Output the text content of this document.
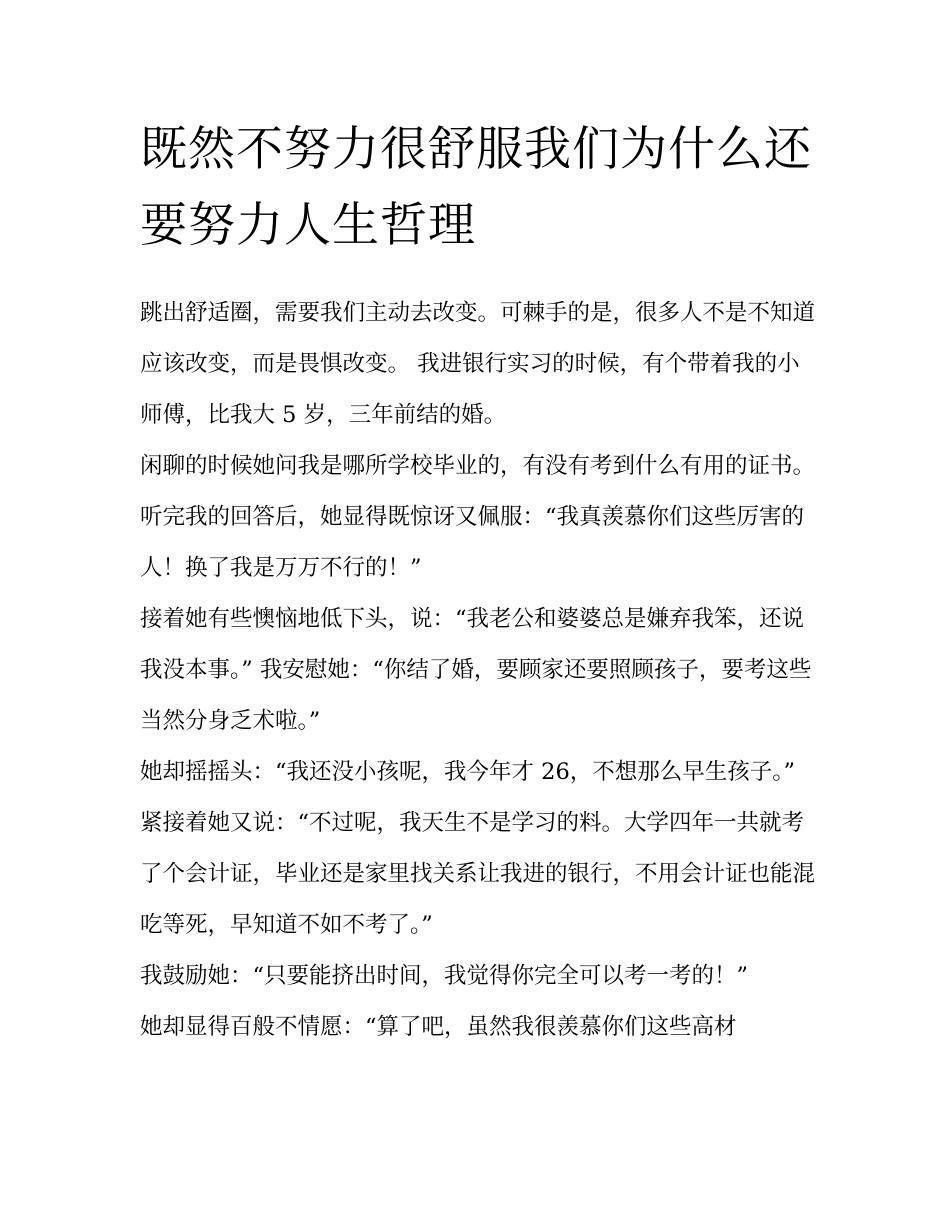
既然不努力很舒服我们为什么还要努力人生哲理

跳出舒适圈，需要我们主动去改变。可棘手的是，很多人不是不知道应该改变，而是畏惧改变。 我进银行实习的时候，有个带着我的小师傅，比我大 5 岁，三年前结的婚。

闲聊的时候她问我是哪所学校毕业的，有没有考到什么有用的证书。 听完我的回答后，她显得既惊讶又佩服：“我真羡慕你们这些厉害的人！换了我是万万不行的！”

接着她有些懊恼地低下头，说：“我老公和婆婆总是嫌弃我笨，还说我没本事。” 我安慰她：“你结了婚，要顾家还要照顾孩子，要考这些当然分身乏术啦。”

她却摇摇头：“我还没小孩呢，我今年才 26，不想那么早生孩子。”

紧接着她又说：“不过呢，我天生不是学习的料。大学四年一共就考了个会计证，毕业还是家里找关系让我进的银行，不用会计证也能混吃等死，早知道不如不考了。”

我鼓励她：“只要能挤出时间，我觉得你完全可以考一考的！”

她却显得百般不情愿：“算了吧，虽然我很羡慕你们这些高材
